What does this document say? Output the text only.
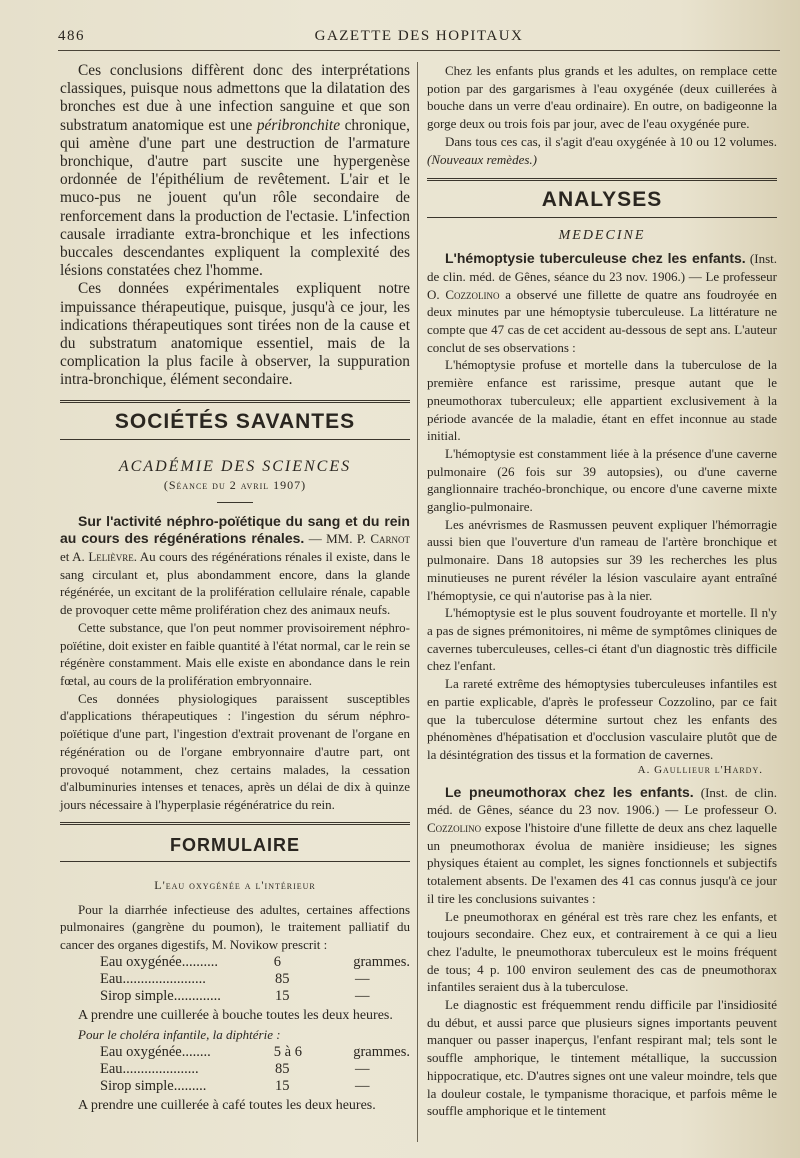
486	GAZETTE DES HOPITAUX

Ces conclusions diffèrent donc des interprétations classiques, puisque nous admettons que la dilatation des bronches est due à une infection sanguine et que son substratum anatomique est une péribronchite chronique, qui amène d'une part une destruction de l'armature bronchique, d'autre part suscite une hypergenèse ordonnée de l'épithélium de revêtement. L'air et le muco-pus ne jouent qu'un rôle secondaire de renforcement dans la production de l'ectasie. L'infection causale irradiante extra-bronchique et les infections buccales descendantes expliquent la complexité des lésions constatées chez l'homme.

Ces données expérimentales expliquent notre impuissance thérapeutique, puisque, jusqu'à ce jour, les indications thérapeutiques sont tirées non de la cause et du substratum anatomique essentiel, mais de la complication la plus facile à observer, la suppuration intra-bronchique, élément secondaire.

SOCIÉTÉS SAVANTES
ACADÉMIE DES SCIENCES
(Séance du 2 avril 1907)

Sur l'activité néphro-poïétique du sang et du rein au cours des régénérations rénales. — MM. P. Carnot et A. Lelièvre. Au cours des régénérations rénales il existe, dans le sang circulant et, plus abondamment encore, dans la glande régénérée, un excitant de la prolifération cellulaire rénale, capable de provoquer cette même prolifération chez des animaux neufs.

Cette substance, que l'on peut nommer provisoirement néphro-poïétine, doit exister en faible quantité à l'état normal, car le rein se régénère constamment. Mais elle existe en abondance dans le rein fœtal, au cours de la prolifération embryonnaire.

Ces données physiologiques paraissent susceptibles d'applications thérapeutiques : l'ingestion du sérum néphro-poïétique d'une part, l'ingestion d'extrait provenant de l'organe en régénération ou de l'organe embryonnaire d'autre part, ont provoqué notamment, chez certains malades, la cessation d'albuminuries intenses et tenaces, après un délai de dix à quinze jours nécessaire à l'hyperplasie régénératrice du rein.

FORMULAIRE
L'eau oxygénée a l'intérieur

Pour la diarrhée infectieuse des adultes, certaines affections pulmonaires (gangrène du poumon), le traitement palliatif du cancer des organes digestifs, M. Novikow prescrit :

Eau oxygénée..........	6	grammes.
Eau.......................	85	—
Sirop simple.............	15	—

A prendre une cuillerée à bouche toutes les deux heures.

Pour le choléra infantile, la diphtérie :

Eau oxygénée........	5 à 6	grammes.
Eau.....................	85	—
Sirop simple.........	15	—

A prendre une cuillerée à café toutes les deux heures.

Chez les enfants plus grands et les adultes, on remplace cette potion par des gargarismes à l'eau oxygénée (deux cuillerées à bouche dans un verre d'eau ordinaire). En outre, on badigeonne la gorge deux ou trois fois par jour, avec de l'eau oxygénée pure.

Dans tous ces cas, il s'agit d'eau oxygénée à 10 ou 12 volumes. (Nouveaux remèdes.)

ANALYSES
MEDECINE

L'hémoptysie tuberculeuse chez les enfants. (Inst. de clin. méd. de Gênes, séance du 23 nov. 1906.) — Le professeur O. Cozzolino a observé une fillette de quatre ans foudroyée en deux minutes par une hémoptysie tuberculeuse. La littérature ne compte que 47 cas de cet accident au-dessous de sept ans. L'auteur conclut de ses observations :

L'hémoptysie profuse et mortelle dans la tuberculose de la première enfance est rarissime, presque autant que le pneumothorax tuberculeux; elle appartient exclusivement à la période avancée de la maladie, étant en effet inconnue au stade initial.

L'hémoptysie est constamment liée à la présence d'une caverne pulmonaire (26 fois sur 39 autopsies), ou d'une caverne ganglionnaire trachéo-bronchique, ou encore d'une caverne mixte ganglio-pulmonaire.

Les anévrismes de Rasmussen peuvent expliquer l'hémorragie aussi bien que l'ouverture d'un rameau de l'artère bronchique et pulmonaire. Dans 18 autopsies sur 39 les recherches les plus minutieuses ne purent révéler la lésion vasculaire ayant entraîné l'hémoptysie, ce qui n'autorise pas à la nier.

L'hémoptysie est le plus souvent foudroyante et mortelle. Il n'y a pas de signes prémonitoires, ni même de symptômes cliniques de cavernes tuberculeuses, celles-ci étant d'un diagnostic très difficile chez l'enfant.

La rareté extrême des hémoptysies tuberculeuses infantiles est en partie explicable, d'après le professeur Cozzolino, par ce fait que la tuberculose détermine surtout chez les enfants des phénomènes d'hépatisation et d'occlusion vasculaire plutôt que de la désintégration des tissus et la formation de cavernes.

A. Gaullieur l'Hardy.

Le pneumothorax chez les enfants. (Inst. de clin. méd. de Gênes, séance du 23 nov. 1906.) — Le professeur O. Cozzolino expose l'histoire d'une fillette de deux ans chez laquelle un pneumothorax évolua de manière insidieuse; les signes physiques étaient au complet, les signes fonctionnels et subjectifs totalement absents. De l'examen des 41 cas connus jusqu'à ce jour il tire les conclusions suivantes :

Le pneumothorax en général est très rare chez les enfants, et toujours secondaire. Chez eux, et contrairement à ce qui a lieu chez l'adulte, le pneumothorax tuberculeux est le moins fréquent de tous; 4 p. 100 environ seulement des cas de pneumothorax infantiles seraient dus à la tuberculose.

Le diagnostic est fréquemment rendu difficile par l'insidiosité du début, et aussi parce que plusieurs signes importants peuvent manquer ou passer inaperçus, l'enfant respirant mal; tels sont le souffle amphorique, le tintement métallique, la succussion hippocratique, etc. D'autres signes ont une valeur moindre, tels que la douleur costale, le tympanisme thoracique, et parfois même le souffle amphorique et le tintement
